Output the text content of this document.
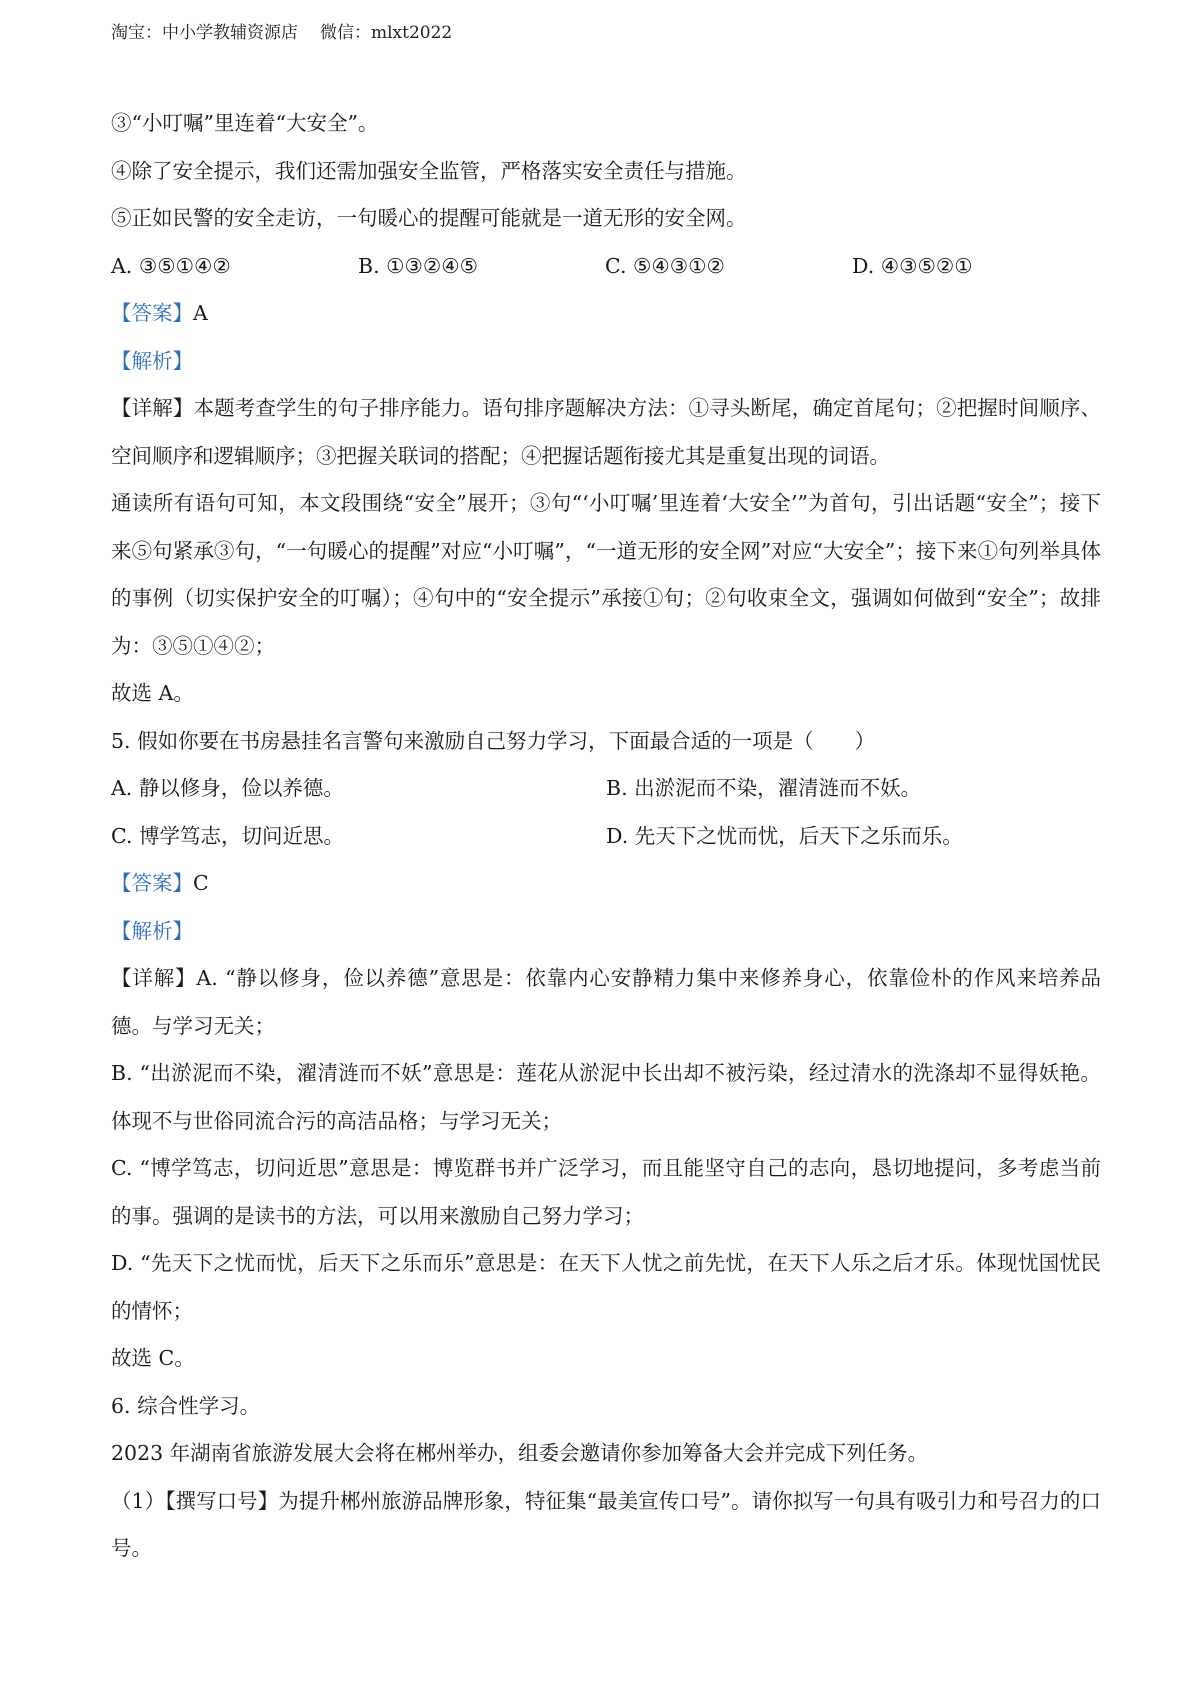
淘宝：中小学教辅资源店 微信：mlxt2022
③“小叮嘱”里连着“大安全”。
④除了安全提示，我们还需加强安全监管，严格落实安全责任与措施。
⑤正如民警的安全走访，一句暖心的提醒可能就是一道无形的安全网。
A. ③⑤①④②	B. ①③②④⑤	C. ⑤④③①②	D. ④③⑤②①
【答案】A
【解析】
【详解】本题考查学生的句子排序能力。语句排序题解决方法：①寻头断尾，确定首尾句；②把握时间顺序、空间顺序和逻辑顺序；③把握关联词的搭配；④把握话题衔接尤其是重复出现的词语。
通读所有语句可知，本文段围绕“安全”展开；③句“‘小叮嘱’里连着‘大安全’”为首句，引出话题“安全”；接下来⑤句紧承③句，“一句暖心的提醒”对应“小叮嘱”，“一道无形的安全网”对应“大安全”；接下来①句列举具体的事例（切实保护安全的叮嘱）；④句中的“安全提示”承接①句；②句收束全文，强调如何做到“安全”；故排为：③⑤①④②；
故选 A。
5. 假如你要在书房悬挂名言警句来激励自己努力学习，下面最合适的一项是（　　）
A. 静以修身，俭以养德。	B. 出淤泥而不染，濯清涟而不妖。
C. 博学笃志，切问近思。	D. 先天下之忧而忧，后天下之乐而乐。
【答案】C
【解析】
【详解】A. “静以修身，俭以养德”意思是：依靠内心安静精力集中来修养身心，依靠俭朴的作风来培养品德。与学习无关；
B. “出淤泥而不染，濯清涟而不妖”意思是：莲花从淤泥中长出却不被污染，经过清水的洗涤却不显得妖艳。体现不与世俗同流合污的高洁品格；与学习无关；
C. “博学笃志，切问近思”意思是：博览群书并广泛学习，而且能坚守自己的志向，恳切地提问，多考虑当前的事。强调的是读书的方法，可以用来激励自己努力学习；
D. “先天下之忧而忧，后天下之乐而乐”意思是：在天下人忧之前先忧，在天下人乐之后才乐。体现忧国忧民的情怀；
故选 C。
6. 综合性学习。
2023 年湖南省旅游发展大会将在郴州举办，组委会邀请你参加筹备大会并完成下列任务。
（1）【撰写口号】为提升郴州旅游品牌形象，特征集“最美宣传口号”。请你拟写一句具有吸引力和号召力的口号。
